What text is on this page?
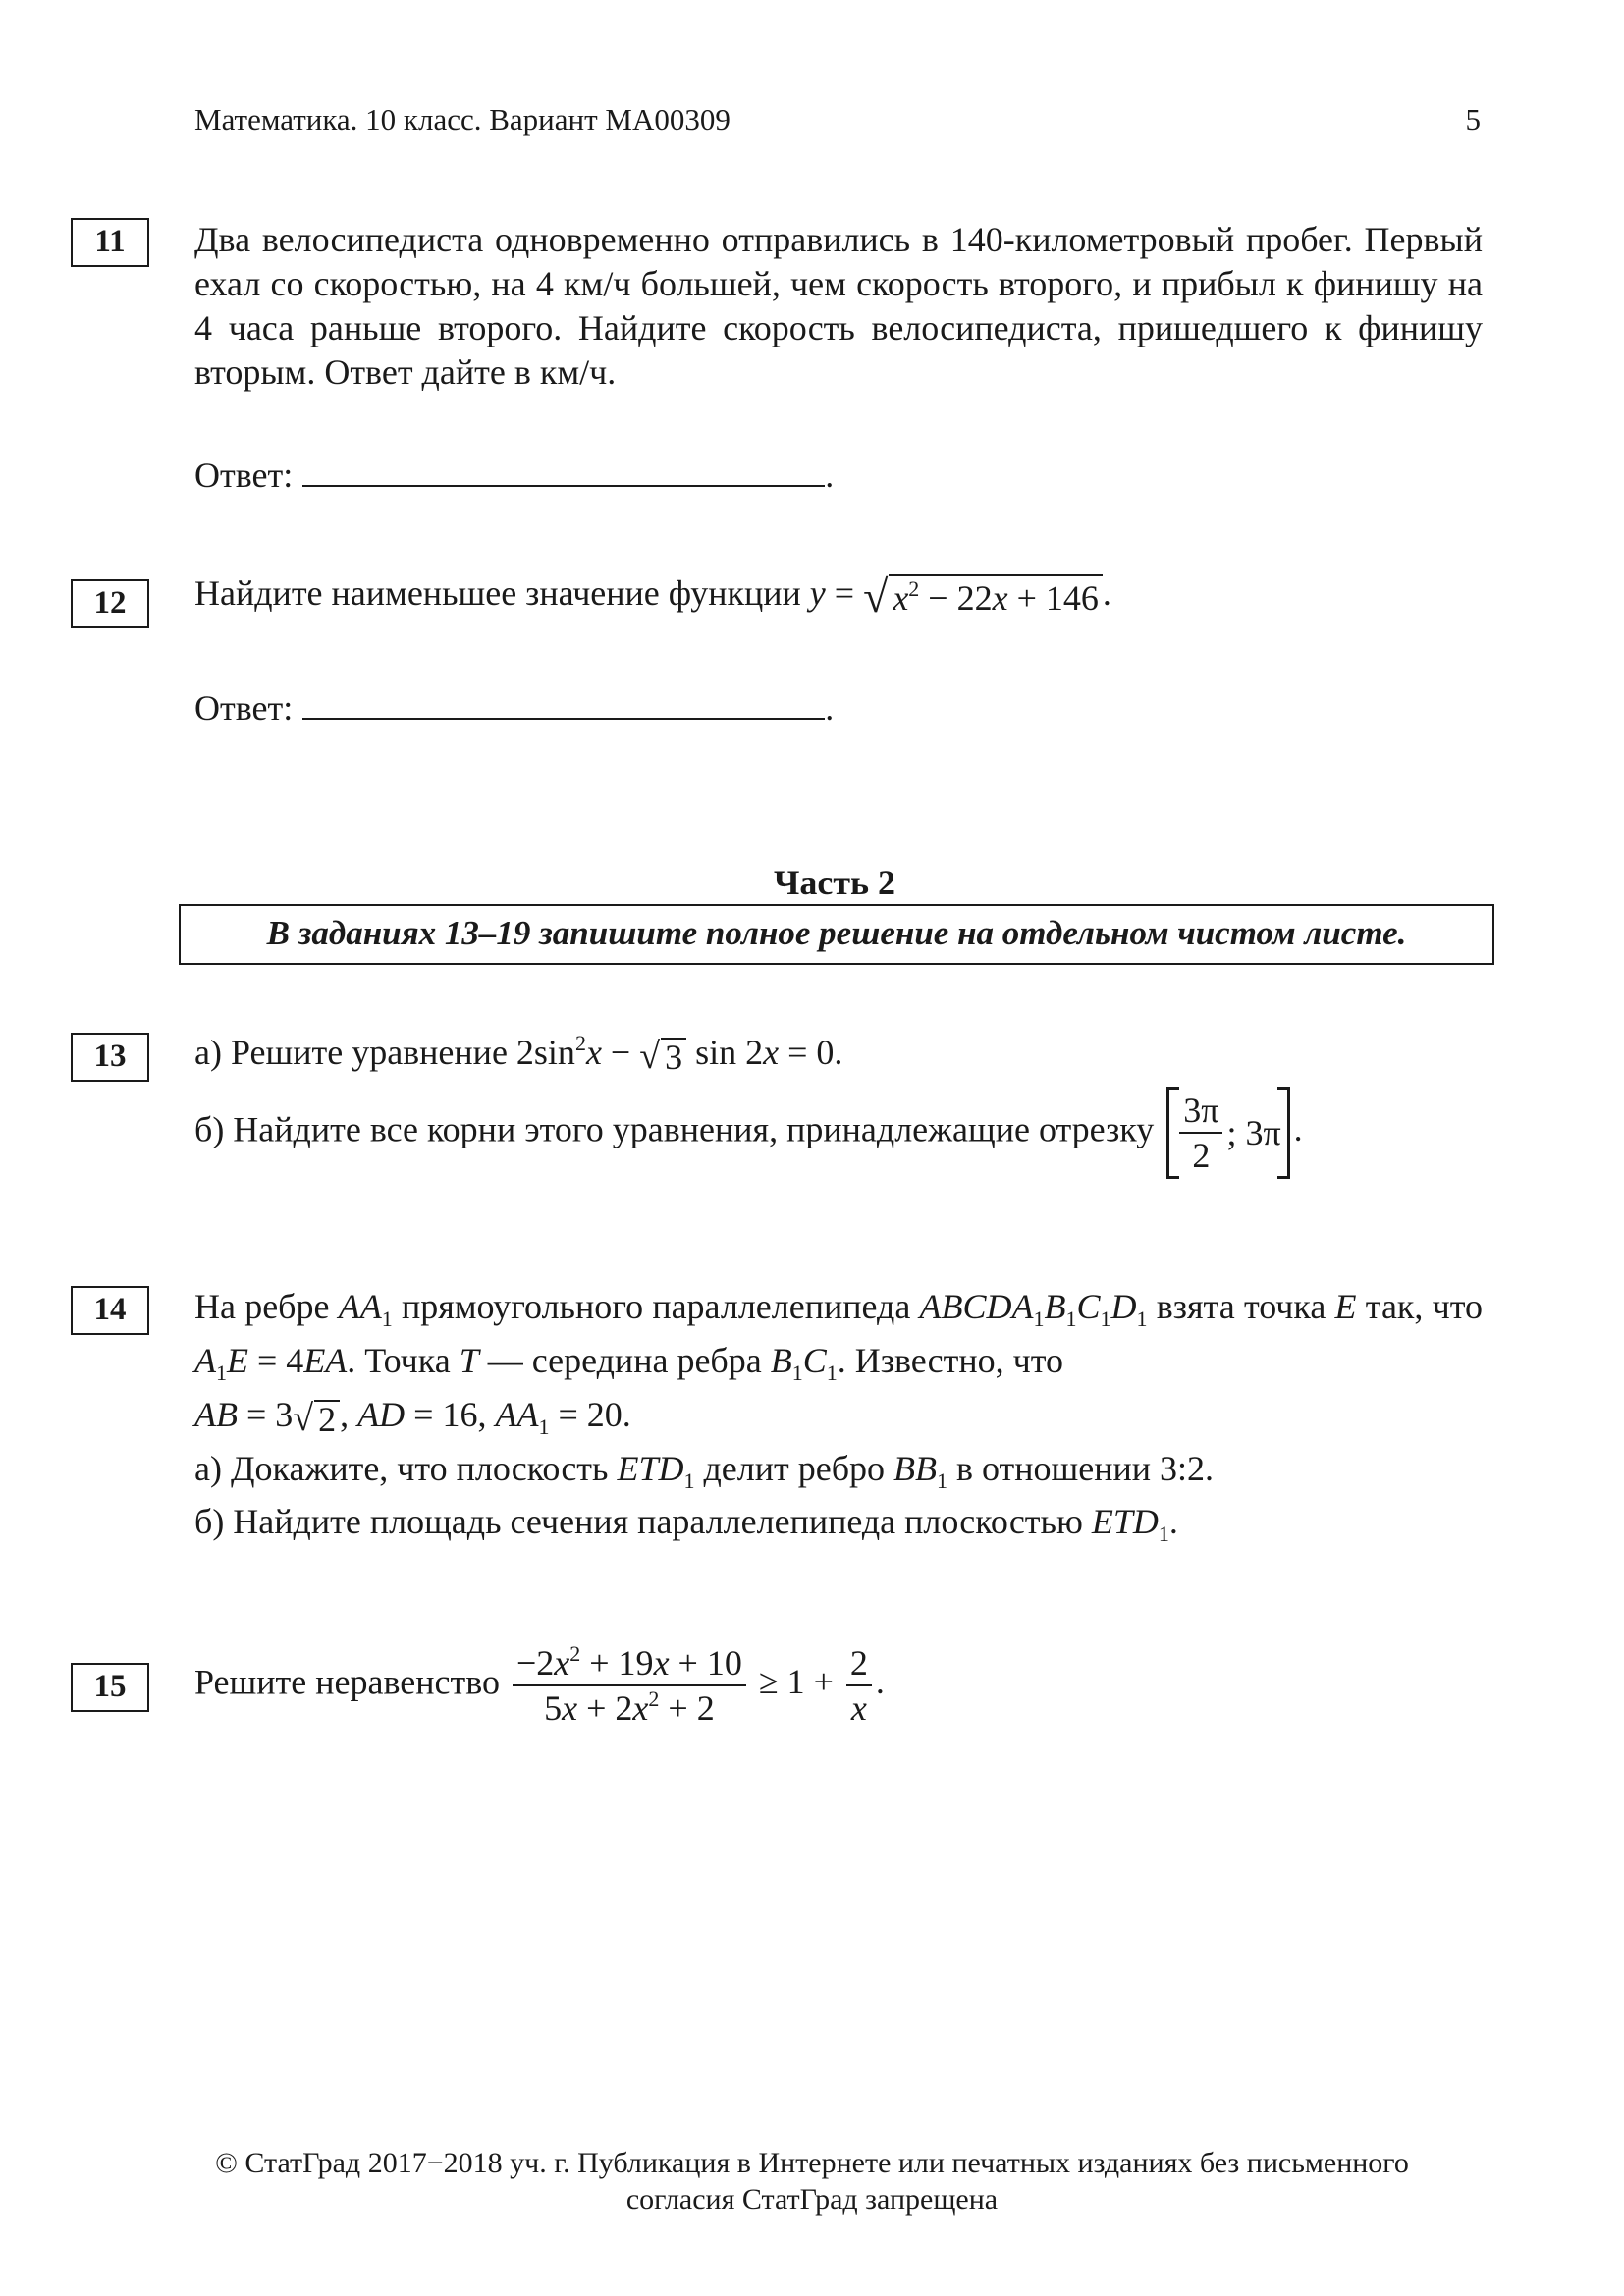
Математика. 10 класс. Вариант МА00309	5
11	Два велосипедиста одновременно отправились в 140-километровый пробег. Первый ехал со скоростью, на 4 км/ч большей, чем скорость второго, и прибыл к финишу на 4 часа раньше второго. Найдите скорость велосипедиста, пришедшего к финишу вторым. Ответ дайте в км/ч.

Ответ:	.
12	Найдите наименьшее значение функции y = √ $x^2 - 22x + 146$ .

Ответ:	.
Часть 2
В заданиях 13–19 запишите полное решение на отдельном чистом листе.
13	а) Решите уравнение $2\sin^2x$ − √ 3 sin 2x = 0.

б) Найдите все корни этого уравнения, принадлежащие отрезку $\frac{3\pi}{2}$ ; 3π.

14	На ребре $AA_1$ прямоугольного параллелепипеда $ABCDA_1B_1C_1D_1$ взята точка E так, что $A_1E = 4EA$. Точка T — середина ребра $B_1C_1$. Известно, что

AB = 3 √ 2 , AD = 16, $AA_1 = 20$.

а) Докажите, что плоскость $ETD_1$ делит ребро $BB_1$ в отношении 3:2.

б) Найдите площадь сечения параллелепипеда плоскостью $ETD_1$.

15	Решите неравенство $\frac{-2x^2 + 19x + 10}{5x + 2x^2 + 2} \ge 1 + \frac{2}{x}$ .

© СтатГрад 2017−2018 уч. г. Публикация в Интернете или печатных изданиях без письменного
согласия СтатГрад запрещена
